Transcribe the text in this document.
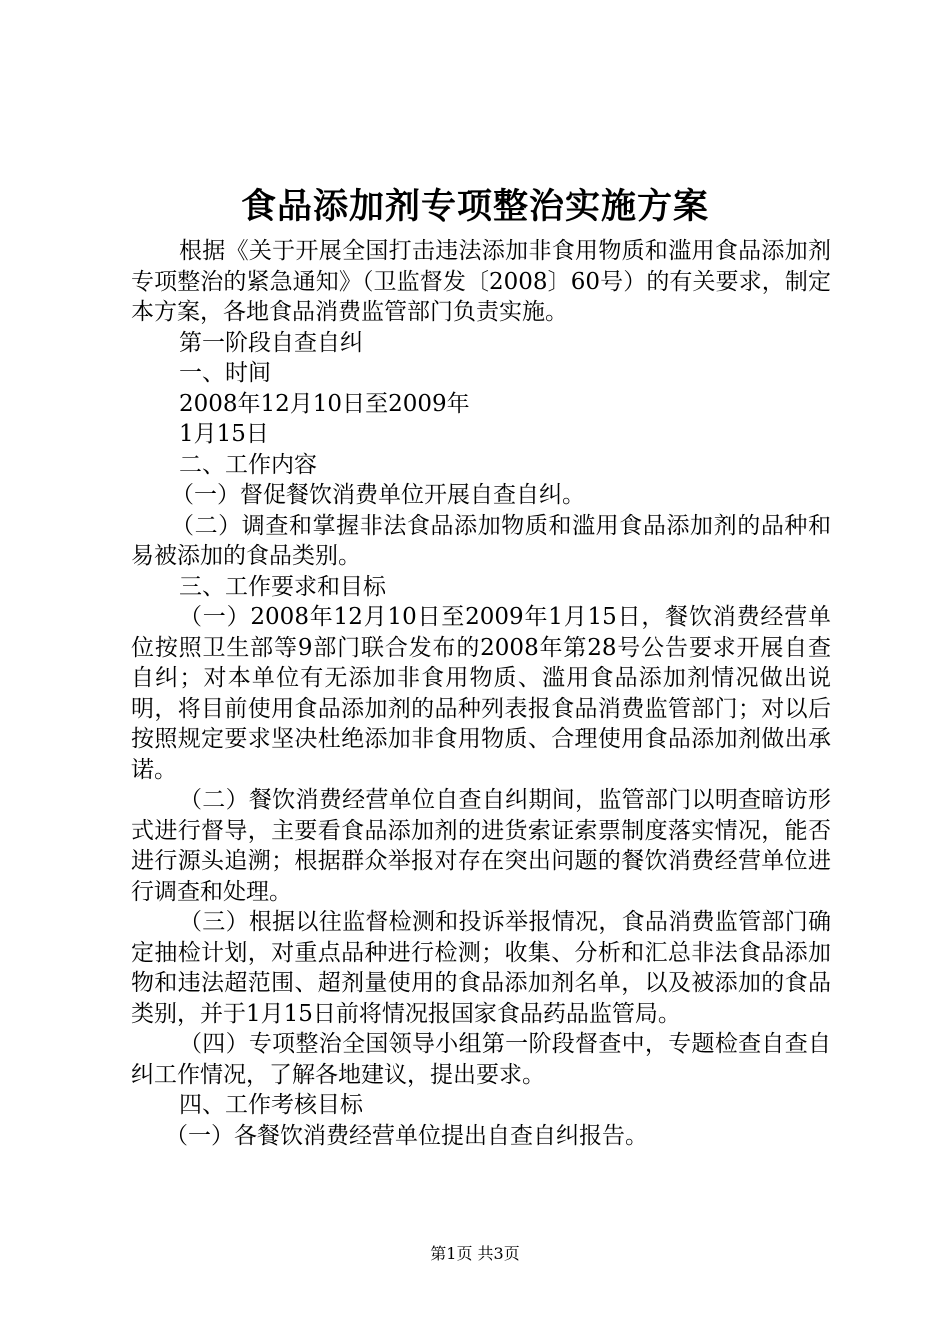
食品添加剂专项整治实施方案

根据《关于开展全国打击违法添加非食用物质和滥用食品添加剂专项整治的紧急通知》（卫监督发〔2008〕60号）的有关要求，制定本方案，各地食品消费监管部门负责实施。

第一阶段自查自纠

一、时间

2008年12月10日至2009年

1月15日

二、工作内容

（一）督促餐饮消费单位开展自查自纠。

（二）调查和掌握非法食品添加物质和滥用食品添加剂的品种和易被添加的食品类别。

三、工作要求和目标

（一）2008年12月10日至2009年1月15日，餐饮消费经营单位按照卫生部等9部门联合发布的2008年第28号公告要求开展自查自纠；对本单位有无添加非食用物质、滥用食品添加剂情况做出说明，将目前使用食品添加剂的品种列表报食品消费监管部门；对以后按照规定要求坚决杜绝添加非食用物质、合理使用食品添加剂做出承诺。

（二）餐饮消费经营单位自查自纠期间，监管部门以明查暗访形式进行督导，主要看食品添加剂的进货索证索票制度落实情况，能否进行源头追溯；根据群众举报对存在突出问题的餐饮消费经营单位进行调查和处理。

（三）根据以往监督检测和投诉举报情况，食品消费监管部门确定抽检计划，对重点品种进行检测；收集、分析和汇总非法食品添加物和违法超范围、超剂量使用的食品添加剂名单，以及被添加的食品类别，并于1月15日前将情况报国家食品药品监管局。

（四）专项整治全国领导小组第一阶段督查中，专题检查自查自纠工作情况，了解各地建议，提出要求。

四、工作考核目标

（一）各餐饮消费经营单位提出自查自纠报告。

第1页 共3页
